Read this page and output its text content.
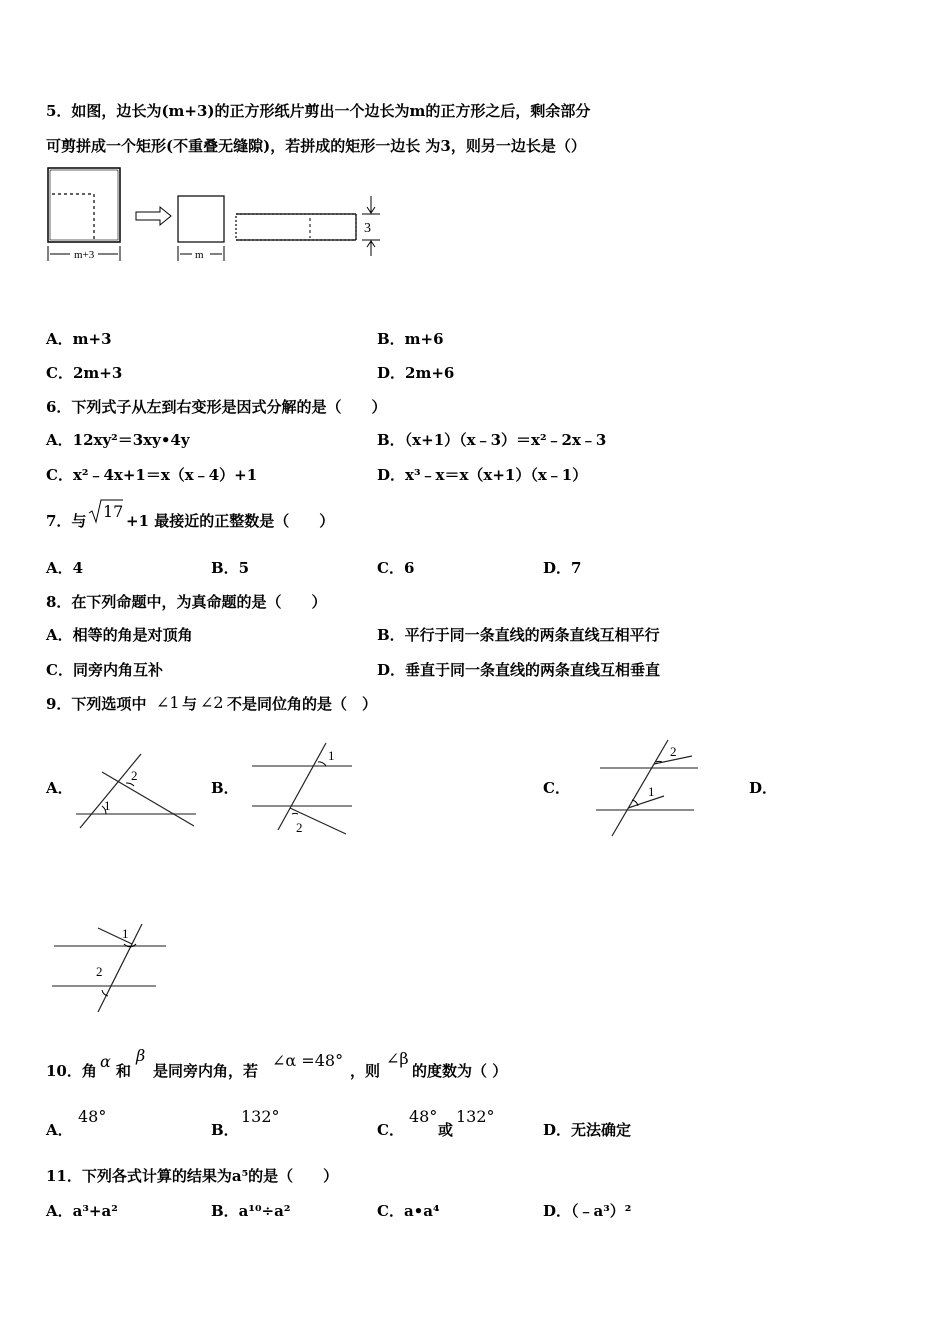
5．如图，边长为(m+3)的正方形纸片剪出一个边长为m的正方形之后，剩余部分
可剪拼成一个矩形(不重叠无缝隙)，若拼成的矩形一边长 为3，则另一边长是（）
m+3	m
3
A．m+3	B．m+6
C．2m+3	D．2m+6
6．下列式子从左到右变形是因式分解的是（　　）
A．12xy²＝3xy•4y	B．（x+1）（x﹣3）＝x²﹣2x﹣3
C．x²﹣4x+1＝x（x﹣4）+1	D．x³﹣x＝x（x+1）（x﹣1）
7．与 17 +1 最接近的正整数是（　　）
A．4	B．5	C．6	D．7
8．在下列命题中，为真命题的是（　　）
A．相等的角是对顶角	B．平行于同一条直线的两条直线互相平行
C．同旁内角互补	D．垂直于同一条直线的两条直线互相垂直
9．下列选项中 ∠1 与 ∠2 不是同位角的是（　）
A．
1
2
B．
1
2
C．
2
1	D．
1
2
10．角 α 和
β
是同旁内角，若
∠α =48°
，则
∠β
的度数为（ ）
A．
48°
B．
132°
C．
48°
或
132°
D．无法确定
11．下列各式计算的结果为a⁵的是（　　）
A．a³+a²	B．a¹⁰÷a²	C．a•a⁴	D．（﹣a³）²
